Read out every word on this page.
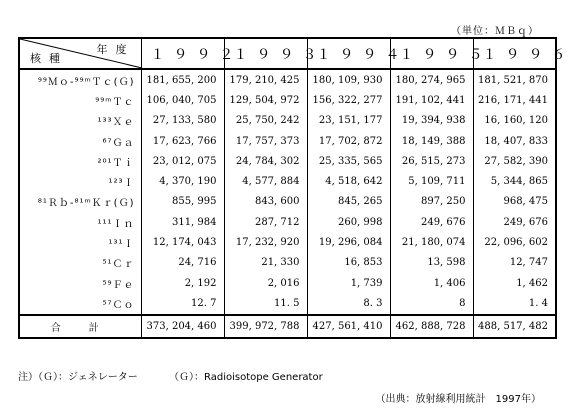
（単位：ＭＢｑ）
核種
年度	１９９２	１９９３	１９９４	１９９５	１９９６
⁹⁹Ｍｏ-⁹⁹ᵐＴｃ(Ｇ)	181, 655, 200	179, 210, 425	180, 109, 930	180, 274, 965	181, 521, 870
⁹⁹ᵐＴｃ	106, 040, 705	129, 504, 972	156, 322, 277	191, 102, 441	216, 171, 441
¹³³Ｘｅ	27, 133, 580	25, 750, 242	23, 151, 177	19, 394, 938	16, 160, 120
⁶⁷Ｇａ	17, 623, 766	17, 757, 373	17, 702, 872	18, 149, 388	18, 407, 833
²⁰¹Ｔｉ	23, 012, 075	24, 784, 302	25, 335, 565	26, 515, 273	27, 582, 390
¹²³Ｉ	4, 370, 190	4, 577, 884	4, 518, 642	5, 109, 711	5, 344, 865
⁸¹Ｒｂ-⁸¹ᵐＫｒ(Ｇ)	855, 995	843, 600	845, 265	897, 250	968, 475
¹¹¹Ｉｎ	311, 984	287, 712	260, 998	249, 676	249, 676
¹³¹Ｉ	12, 174, 043	17, 232, 920	19, 296, 084	21, 180, 074	22, 096, 602
⁵¹Ｃｒ	24, 716	21, 330	16, 853	13, 598	12, 747
⁵⁹Ｆｅ	2, 192	2, 016	1, 739	1, 406	1, 462
⁵⁷Ｃｏ	12. 7	11. 5	8. 3	8	1. 4
合計	373, 204, 460	399, 972, 788	427, 561, 410	462, 888, 728	488, 517, 482
注）（Ｇ）：ジェネレーター	（Ｇ）：Radioisotope Generator
（出典：放射線利用統計　1997年）
